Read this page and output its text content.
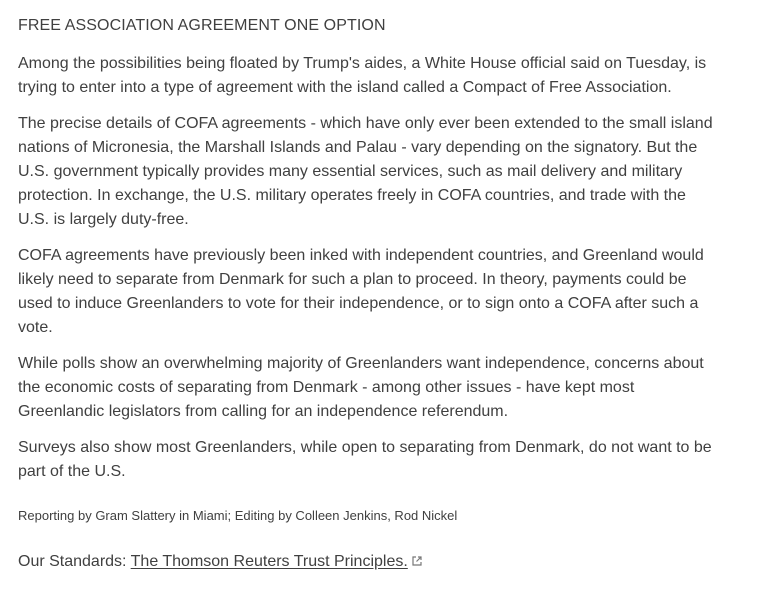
FREE ASSOCIATION AGREEMENT ONE OPTION

Among the possibilities being floated by Trump's aides, a White House official said on Tuesday, is trying to enter into a type of agreement with the island called a Compact of Free Association.

The precise details of COFA agreements - which have only ever been extended to the small island nations of Micronesia, the Marshall Islands and Palau - vary depending on the signatory. But the U.S. government typically provides many essential services, such as mail delivery and military protection. In exchange, the U.S. military operates freely in COFA countries, and trade with the U.S. is largely duty-free.

COFA agreements have previously been inked with independent countries, and Greenland would likely need to separate from Denmark for such a plan to proceed. In theory, payments could be used to induce Greenlanders to vote for their independence, or to sign onto a COFA after such a vote.

While polls show an overwhelming majority of Greenlanders want independence, concerns about the economic costs of separating from Denmark - among other issues - have kept most Greenlandic legislators from calling for an independence referendum.

Surveys also show most Greenlanders, while open to separating from Denmark, do not want to be part of the U.S.

Reporting by Gram Slattery in Miami; Editing by Colleen Jenkins, Rod Nickel

Our Standards: The Thomson Reuters Trust Principles.
